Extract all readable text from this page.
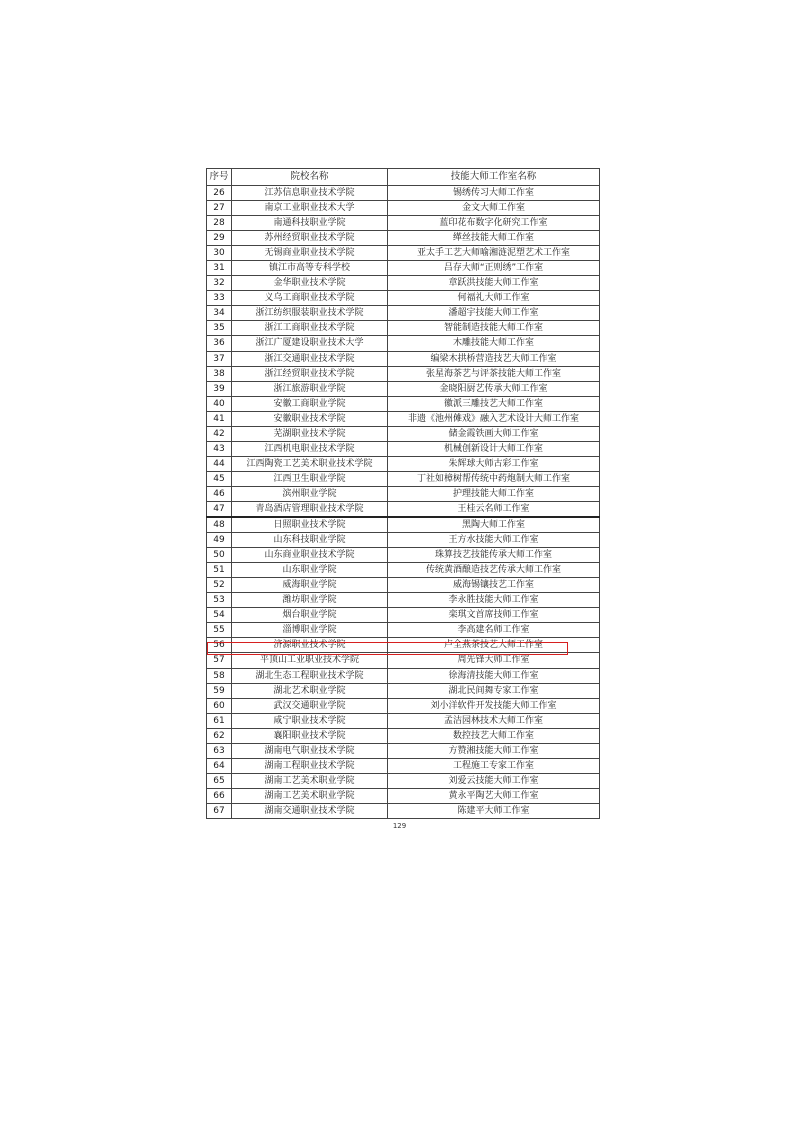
序号	院校名称	技能大师工作室名称
26	江苏信息职业技术学院	锡绣传习大师工作室
27	南京工业职业技术大学	金文大师工作室
28	南通科技职业学院	蓝印花布数字化研究工作室
29	苏州经贸职业技术学院	缂丝技能大师工作室
30	无锡商业职业技术学院	亚太手工艺大师喻湘涟泥塑艺术工作室
31	镇江市高等专科学校	吕存大师“正则绣”工作室
32	金华职业技术学院	章跃洪技能大师工作室
33	义乌工商职业技术学院	何福礼大师工作室
34	浙江纺织服装职业技术学院	潘超宇技能大师工作室
35	浙江工商职业技术学院	智能制造技能大师工作室
36	浙江广厦建设职业技术大学	木雕技能大师工作室
37	浙江交通职业技术学院	编梁木拱桥营造技艺大师工作室
38	浙江经贸职业技术学院	张星海茶艺与评茶技能大师工作室
39	浙江旅游职业学院	金晓阳厨艺传承大师工作室
40	安徽工商职业学院	徽派三雕技艺大师工作室
41	安徽职业技术学院	非遗《池州傩戏》融入艺术设计大师工作室
42	芜湖职业技术学院	储金霞铁画大师工作室
43	江西机电职业技术学院	机械创新设计大师工作室
44	江西陶瓷工艺美术职业技术学院	朱辉球大师古彩工作室
45	江西卫生职业学院	丁社如樟树帮传统中药炮制大师工作室
46	滨州职业学院	护理技能大师工作室
47	青岛酒店管理职业技术学院	王桂云名师工作室
48	日照职业技术学院	黑陶大师工作室
49	山东科技职业学院	王方水技能大师工作室
50	山东商业职业技术学院	珠算技艺技能传承大师工作室
51	山东职业学院	传统黄酒酿造技艺传承大师工作室
52	威海职业学院	威海锡镶技艺工作室
53	潍坊职业学院	李永胜技能大师工作室
54	烟台职业学院	栾琪文首席技师工作室
55	淄博职业学院	李高建名师工作室
56	济源职业技术学院	卢全燕茶技艺大师工作室
57	平顶山工业职业技术学院	周先锋大师工作室
58	湖北生态工程职业技术学院	徐海清技能大师工作室
59	湖北艺术职业学院	湖北民间舞专家工作室
60	武汉交通职业学院	刘小洋软件开发技能大师工作室
61	咸宁职业技术学院	孟洁园林技术大师工作室
62	襄阳职业技术学院	数控技艺大师工作室
63	湖南电气职业技术学院	方赞湘技能大师工作室
64	湖南工程职业技术学院	工程施工专家工作室
65	湖南工艺美术职业学院	刘爱云技能大师工作室
66	湖南工艺美术职业学院	黄永平陶艺大师工作室
67	湖南交通职业技术学院	陈建平大师工作室
129
